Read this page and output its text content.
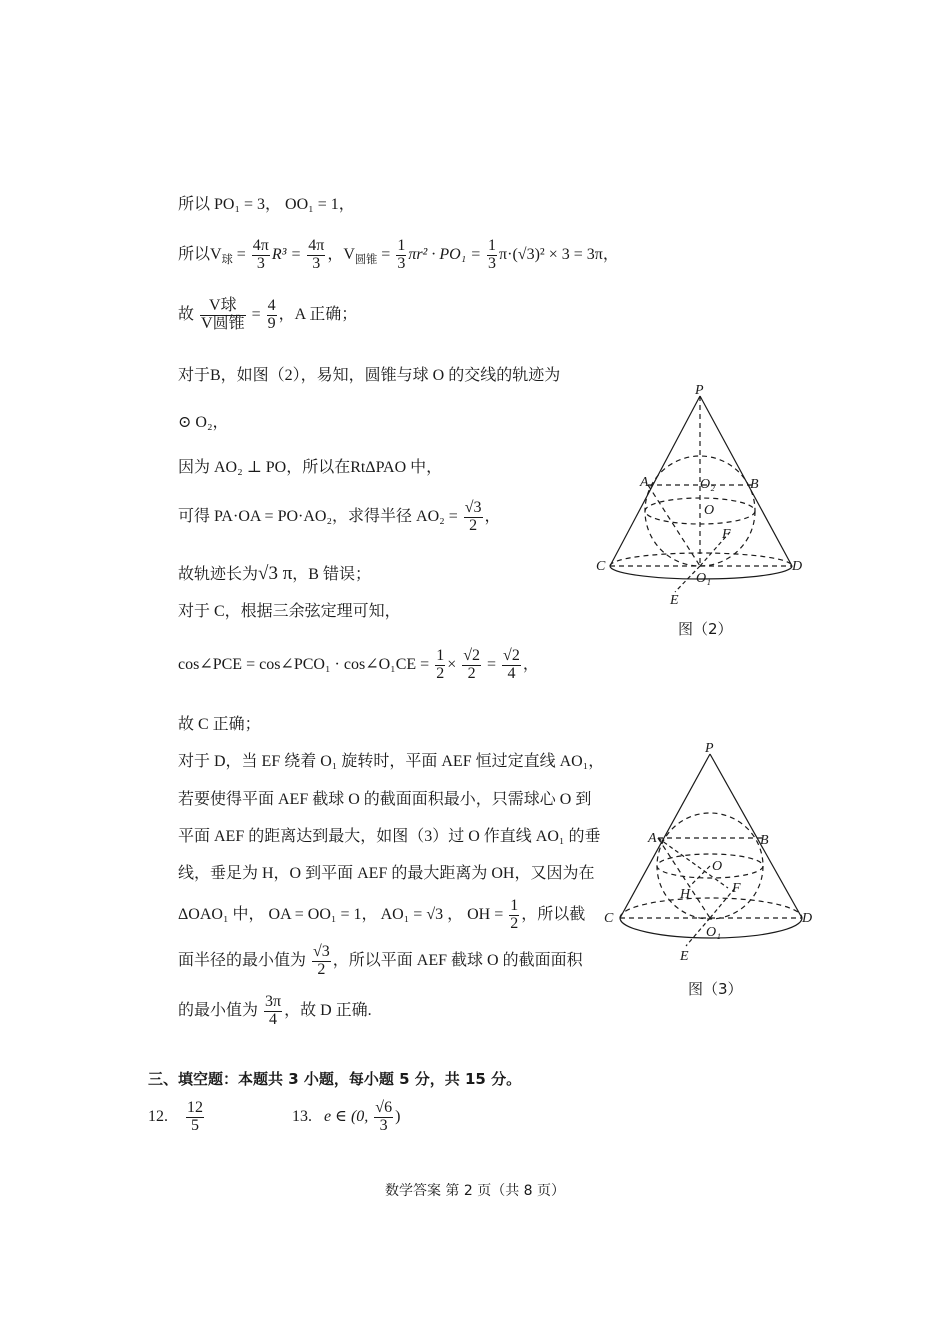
所以 PO₁ = 3， OO₁ = 1，
所以$V_球 = \frac{4\pi}{3} R^3 = \frac{4\pi}{3}$ ，$V_{圆锥} = \frac{1}{3} \pi r^2 \cdot PO_1 = \frac{1}{3} \pi\cdot(√3)^2 \times 3 = 3\pi$，
故 $\frac{\text{V球}}{\text{V圆锥}} = \frac{4}{9}$ ，A 正确；
对于B，如图（2），易知，圆锥与球 O 的交线的轨迹为
⊙ O₂，
因为 AO₂ ⊥ PO，所以在RtΔPAO 中，
可得 PA·OA = PO·AO₂，求得半径 $AO_2 = \frac{√3}{2}$ ，
故轨迹长为√3 π，B 错误；
对于 C，根据三余弦定理可知，
cos∠PCE = cos∠PCO₁ · cos∠O₁CE = $\frac{1}{2} \times \frac{√2}{2} = \frac{√2}{4}$ ，
故 C 正确；
对于 D，当 EF 绕着 O₁ 旋转时，平面 AEF 恒过定直线 AO₁，
若要使得平面 AEF 截球 O 的截面面积最小，只需球心 O 到
平面 AEF 的距离达到最大，如图（3）过 O 作直线 AO₁ 的垂
线，垂足为 H，O 到平面 AEF 的最大距离为 OH，又因为在
ΔOAO₁ 中， OA = OO₁ = 1， AO₁ = √3 ， OH = $\frac{1}{2}$ ，所以截
面半径的最小值为 $\frac{√3}{2}$ ，所以平面 AEF 截球 O 的截面面积
的最小值为 $\frac{3\pi}{4}$ ，故 D 正确.
三、填空题：本题共 3 小题，每小题 5 分，共 15 分。
12. $\frac{12}{5}$	13. e ∈ (0, $\frac{√6}{3}$ )
P
A	B
O₂
O
F
C	D
O₁
E
图（2）
P
A	B
O
H	F
C	D
O₁
E
图（3）
数学答案 第 2 页（共 8 页）
